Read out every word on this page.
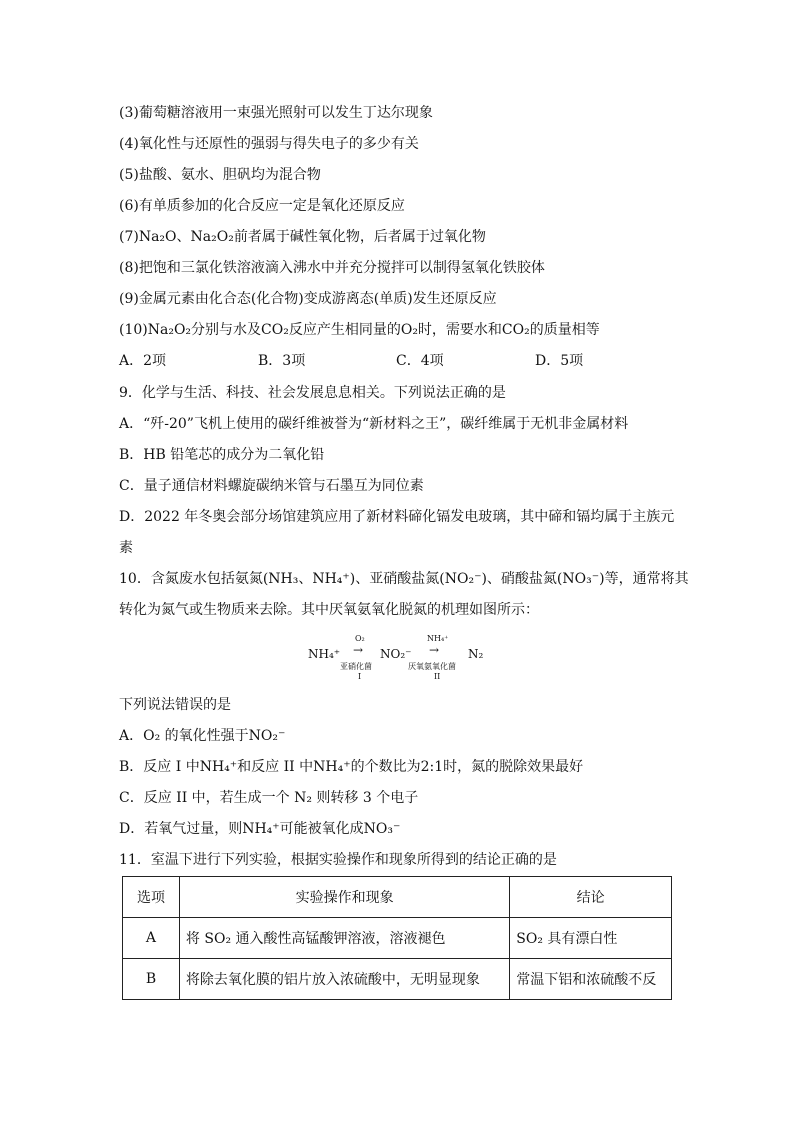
(3)葡萄糖溶液用一束强光照射可以发生丁达尔现象
(4)氧化性与还原性的强弱与得失电子的多少有关
(5)盐酸、氨水、胆矾均为混合物
(6)有单质参加的化合反应一定是氧化还原反应
(7)Na₂O、Na₂O₂前者属于碱性氧化物，后者属于过氧化物
(8)把饱和三氯化铁溶液滴入沸水中并充分搅拌可以制得氢氧化铁胶体
(9)金属元素由化合态(化合物)变成游离态(单质)发生还原反应
(10)Na₂O₂分别与水及CO₂反应产生相同量的O₂时，需要水和CO₂的质量相等
A．2项	B．3项	C．4项	D．5项
9．化学与生活、科技、社会发展息息相关。下列说法正确的是
A．“歼-20”飞机上使用的碳纤维被誉为“新材料之王”，碳纤维属于无机非金属材料
B．HB 铅笔芯的成分为二氧化铅
C．量子通信材料螺旋碳纳米管与石墨互为同位素
D．2022 年冬奥会部分场馆建筑应用了新材料碲化镉发电玻璃，其中碲和镉均属于主族元
素
10．含氮废水包括氨氮(NH₃、NH₄⁺)、亚硝酸盐氮(NO₂⁻)、硝酸盐氮(NO₃⁻)等，通常将其
转化为氮气或生物质来去除。其中厌氧氨氧化脱氮的机理如图所示：
NH₄⁺
O₂
→
亚硝化菌
I
NO₂⁻
NH₄⁺
→
厌氧氨氧化菌
II
N₂
下列说法错误的是
A．O₂ 的氧化性强于NO₂⁻
B．反应 I 中NH₄⁺和反应 II 中NH₄⁺的个数比为2:1时，氮的脱除效果最好
C．反应 II 中，若生成一个 N₂ 则转移 3 个电子
D．若氧气过量，则NH₄⁺可能被氧化成NO₃⁻
11．室温下进行下列实验，根据实验操作和现象所得到的结论正确的是
选项	实验操作和现象	结论
A	将 SO₂ 通入酸性高锰酸钾溶液，溶液褪色	SO₂ 具有漂白性
B	将除去氧化膜的铝片放入浓硫酸中，无明显现象	常温下铝和浓硫酸不反
